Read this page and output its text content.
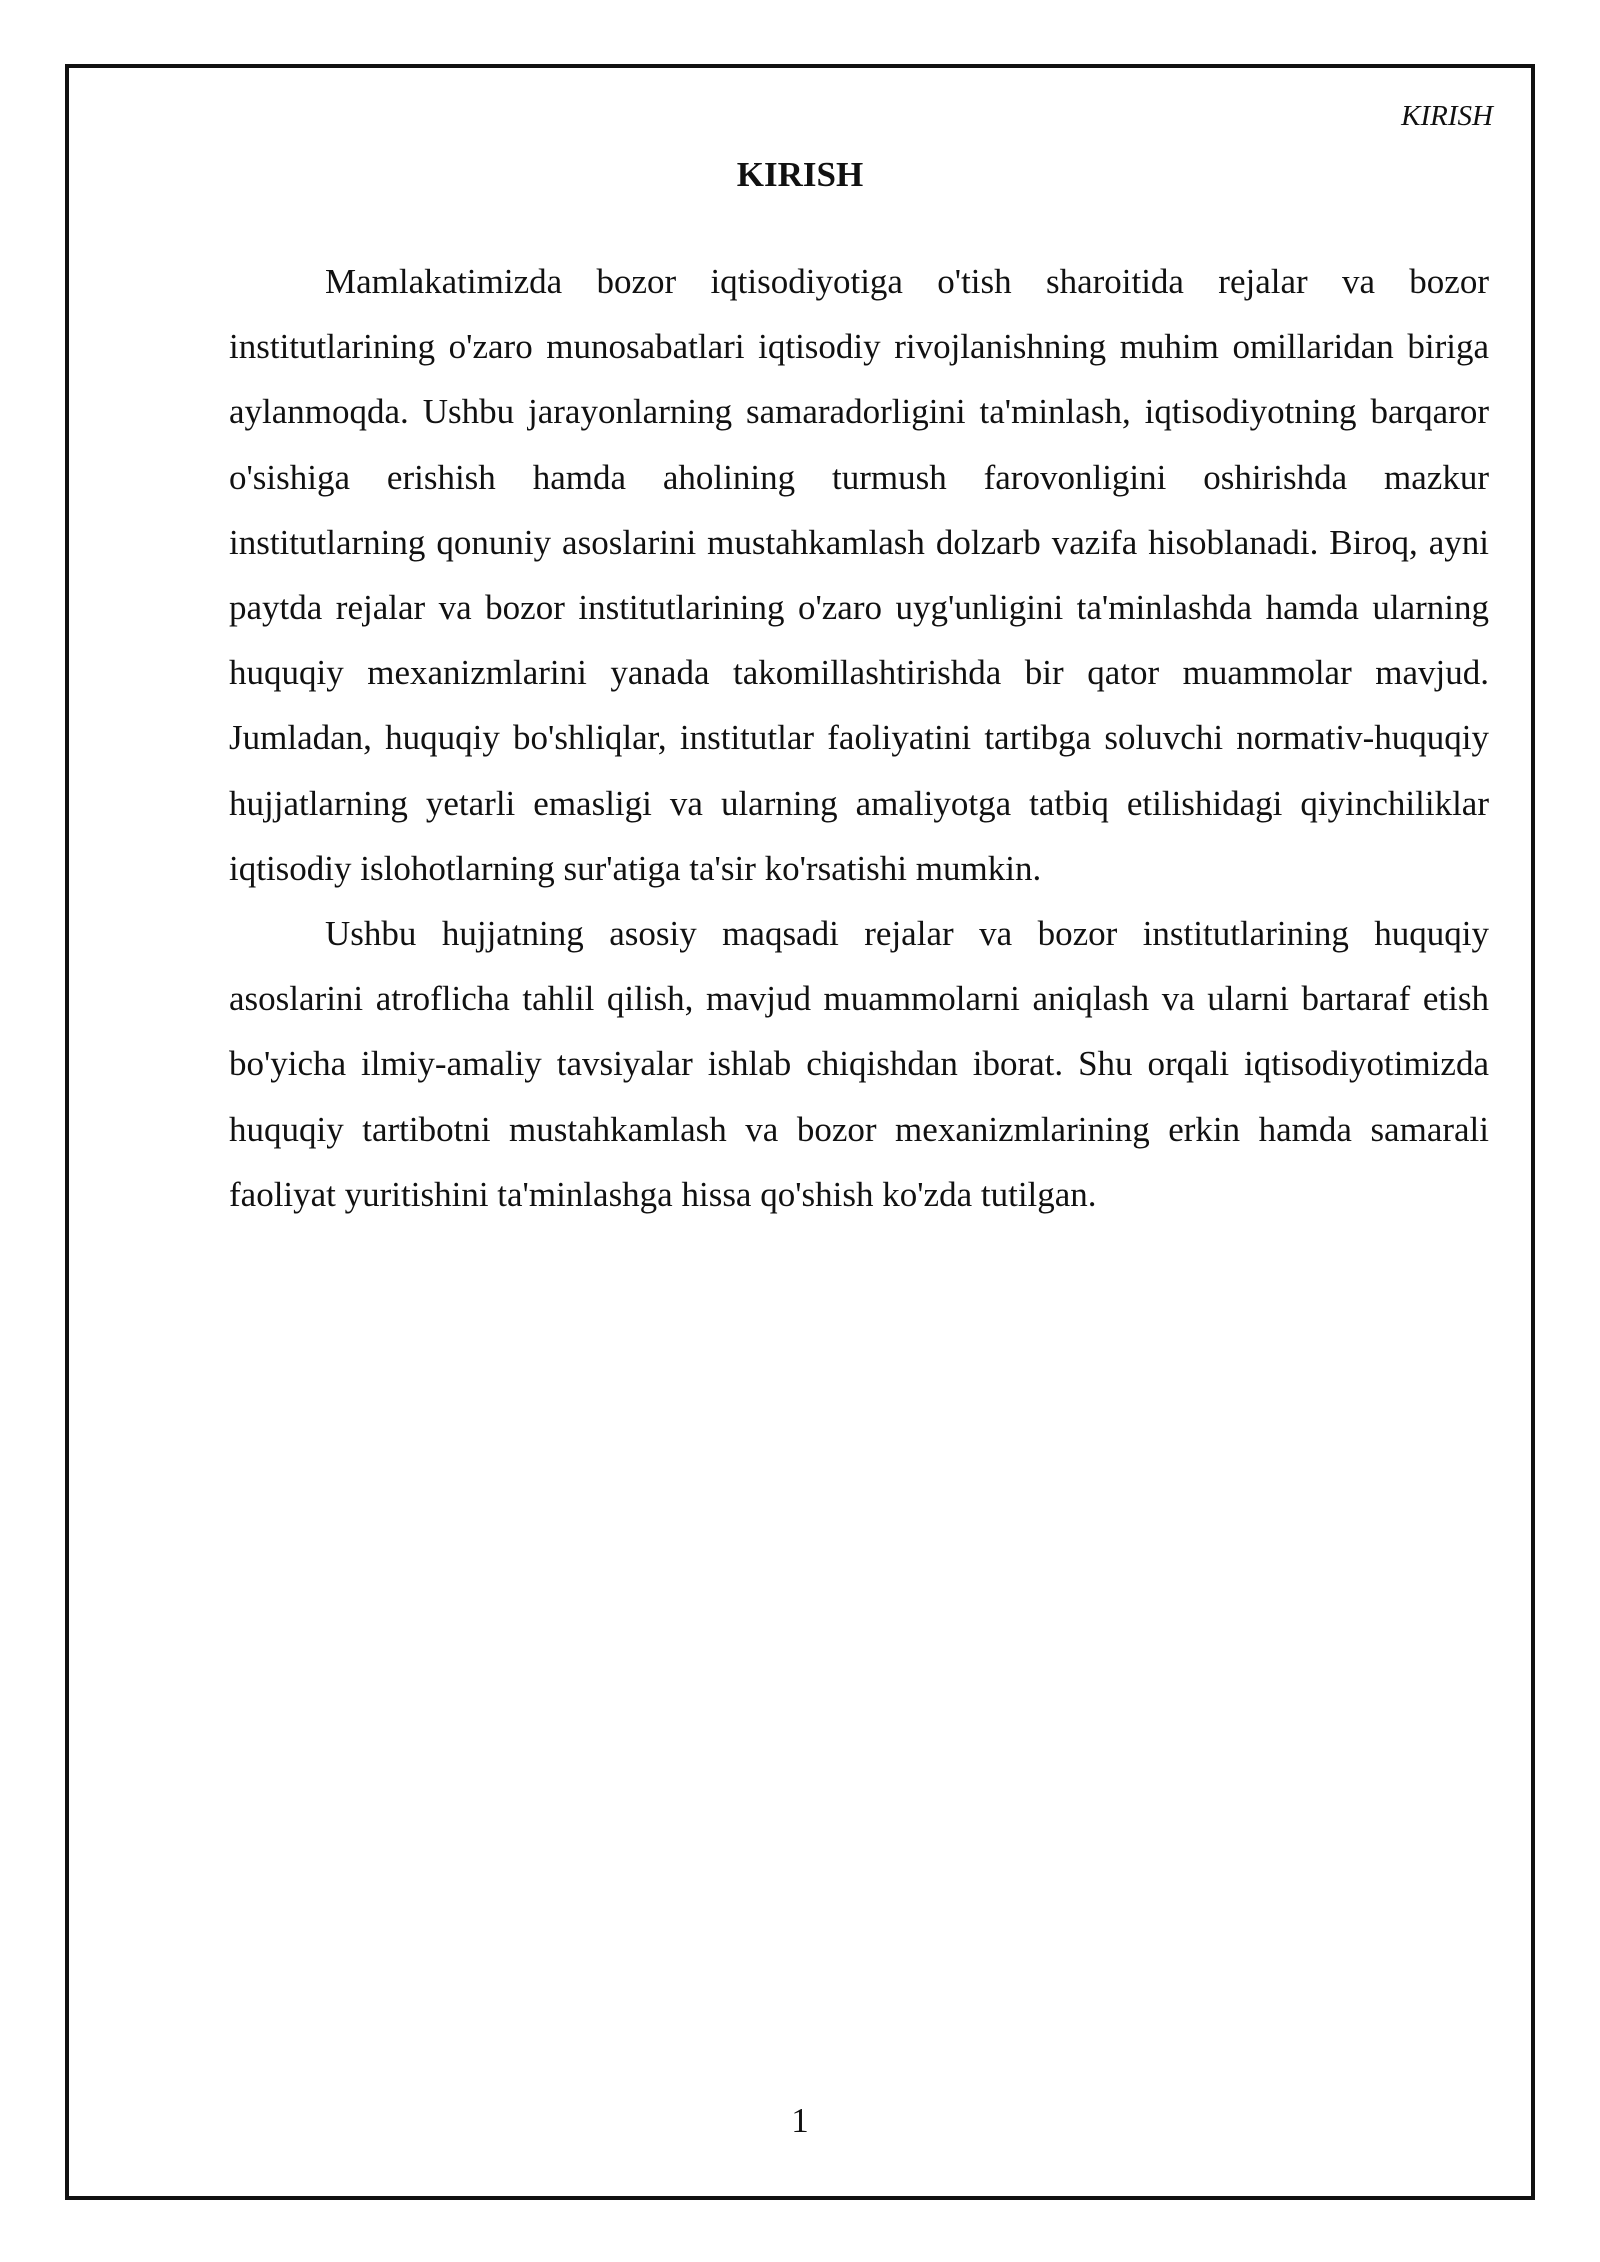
KIRISH
KIRISH

Mamlakatimizda bozor iqtisodiyotiga o'tish sharoitida rejalar va bozor institutlarining o'zaro munosabatlari iqtisodiy rivojlanishning muhim omillaridan biriga aylanmoqda. Ushbu jarayonlarning samaradorligini ta'minlash, iqtisodiyotning barqaror o'sishiga erishish hamda aholining turmush farovonligini oshirishda mazkur institutlarning qonuniy asoslarini mustahkamlash dolzarb vazifa hisoblanadi. Biroq, ayni paytda rejalar va bozor institutlarining o'zaro uyg'unligini ta'minlashda hamda ularning huquqiy mexanizmlarini yanada takomillashtirishda bir qator muammolar mavjud. Jumladan, huquqiy bo'shliqlar, institutlar faoliyatini tartibga soluvchi normativ-huquqiy hujjatlarning yetarli emasligi va ularning amaliyotga tatbiq etilishidagi qiyinchiliklar iqtisodiy islohotlarning sur'atiga ta'sir ko'rsatishi mumkin.

Ushbu hujjatning asosiy maqsadi rejalar va bozor institutlarining huquqiy asoslarini atroflicha tahlil qilish, mavjud muammolarni aniqlash va ularni bartaraf etish bo'yicha ilmiy-amaliy tavsiyalar ishlab chiqishdan iborat. Shu orqali iqtisodiyotimizda huquqiy tartibotni mustahkamlash va bozor mexanizmlarining erkin hamda samarali faoliyat yuritishini ta'minlashga hissa qo'shish ko'zda tutilgan.

1
